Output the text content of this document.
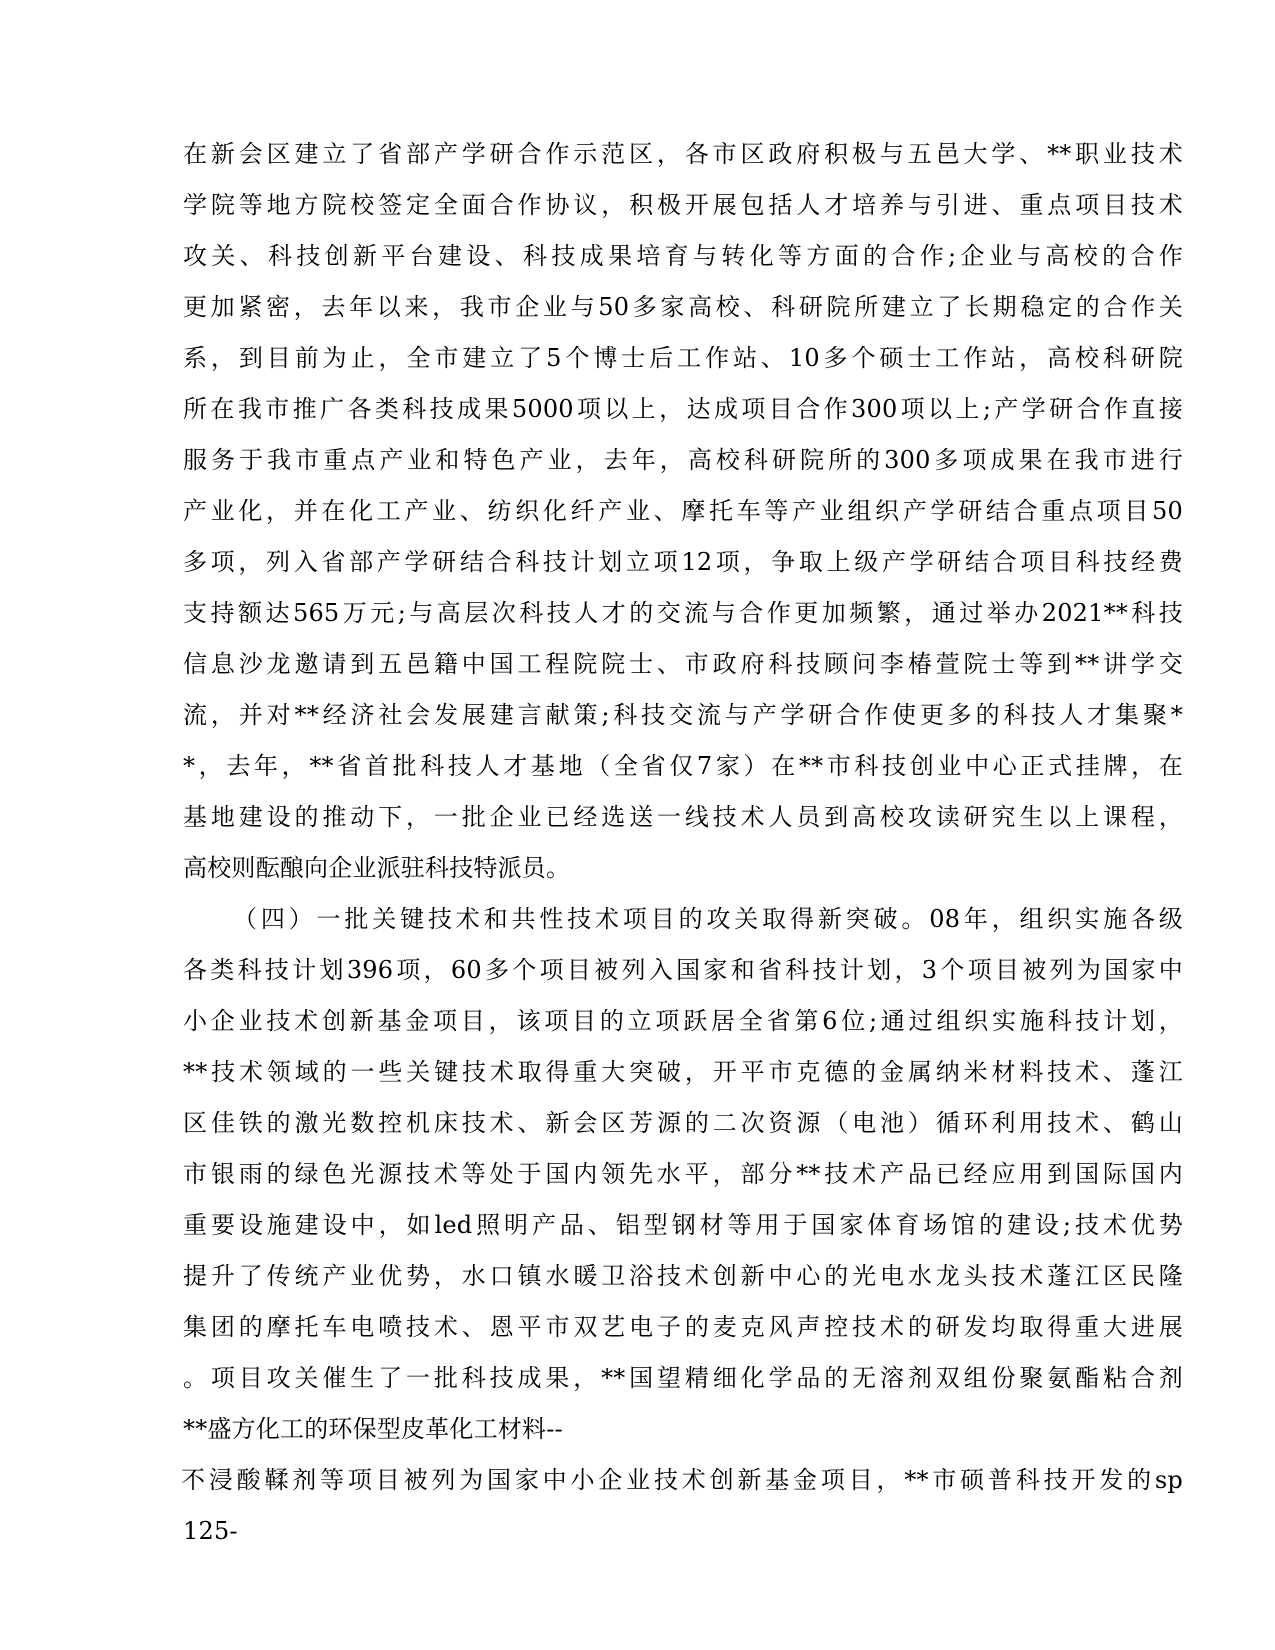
在新会区建立了省部产学研合作示范区，各市区政府积极与五邑大学、**职业技术
学院等地方院校签定全面合作协议，积极开展包括人才培养与引进、重点项目技术
攻关、科技创新平台建设、科技成果培育与转化等方面的合作;企业与高校的合作
更加紧密，去年以来，我市企业与50多家高校、科研院所建立了长期稳定的合作关
系，到目前为止，全市建立了5个博士后工作站、10多个硕士工作站，高校科研院
所在我市推广各类科技成果5000项以上，达成项目合作300项以上;产学研合作直接
服务于我市重点产业和特色产业，去年，高校科研院所的300多项成果在我市进行
产业化，并在化工产业、纺织化纤产业、摩托车等产业组织产学研结合重点项目50
多项，列入省部产学研结合科技计划立项12项，争取上级产学研结合项目科技经费
支持额达565万元;与高层次科技人才的交流与合作更加频繁，通过举办2021**科技
信息沙龙邀请到五邑籍中国工程院院士、市政府科技顾问李椿萱院士等到**讲学交
流，并对**经济社会发展建言献策;科技交流与产学研合作使更多的科技人才集聚*
*，去年，**省首批科技人才基地（全省仅7家）在**市科技创业中心正式挂牌，在
基地建设的推动下，一批企业已经选送一线技术人员到高校攻读研究生以上课程，
高校则酝酿向企业派驻科技特派员。
（四）一批关键技术和共性技术项目的攻关取得新突破。08年，组织实施各级
各类科技计划396项，60多个项目被列入国家和省科技计划，3个项目被列为国家中
小企业技术创新基金项目，该项目的立项跃居全省第6位;通过组织实施科技计划，
**技术领域的一些关键技术取得重大突破，开平市克德的金属纳米材料技术、蓬江
区佳铁的激光数控机床技术、新会区芳源的二次资源（电池）循环利用技术、鹤山
市银雨的绿色光源技术等处于国内领先水平，部分**技术产品已经应用到国际国内
重要设施建设中，如led照明产品、铝型钢材等用于国家体育场馆的建设;技术优势
提升了传统产业优势，水口镇水暖卫浴技术创新中心的光电水龙头技术蓬江区民隆
集团的摩托车电喷技术、恩平市双艺电子的麦克风声控技术的研发均取得重大进展
。项目攻关催生了一批科技成果，**国望精细化学品的无溶剂双组份聚氨酯粘合剂
**盛方化工的环保型皮革化工材料--
不浸酸鞣剂等项目被列为国家中小企业技术创新基金项目，**市硕普科技开发的sp
125-
